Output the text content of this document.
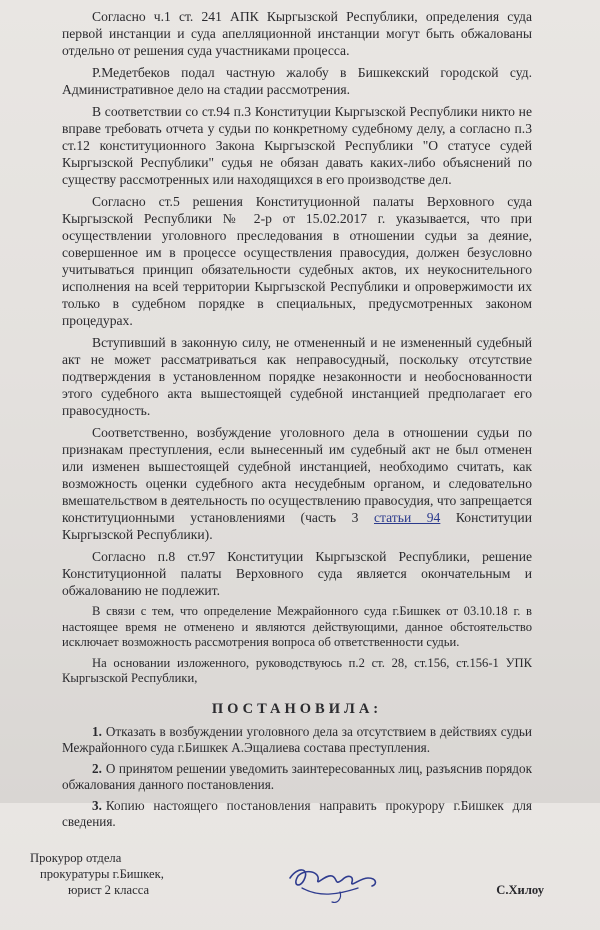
Согласно ч.1 ст. 241 АПК Кыргызской Республики, определения суда первой инстанции и суда апелляционной инстанции могут быть обжалованы отдельно от решения суда участниками процесса.

Р.Медетбеков подал частную жалобу в Бишкекский городской суд. Административное дело на стадии рассмотрения.

В соответствии со ст.94 п.3 Конституции Кыргызской Республики никто не вправе требовать отчета у судьи по конкретному судебному делу, а согласно п.3 ст.12 конституционного Закона Кыргызской Республики "О статусе судей Кыргызской Республики" судья не обязан давать каких-либо объяснений по существу рассмотренных или находящихся в его производстве дел.

Согласно ст.5 решения Конституционной палаты Верховного суда Кыргызской Республики № 2-р от 15.02.2017 г. указывается, что при осуществлении уголовного преследования в отношении судьи за деяние, совершенное им в процессе осуществления правосудия, должен безусловно учитываться принцип обязательности судебных актов, их неукоснительного исполнения на всей территории Кыргызской Республики и опровержимости их только в судебном порядке в специальных, предусмотренных законом процедурах.

Вступивший в законную силу, не отмененный и не измененный судебный акт не может рассматриваться как неправосудный, поскольку отсутствие подтверждения в установленном порядке незаконности и необоснованности этого судебного акта вышестоящей судебной инстанцией предполагает его правосудность.

Соответственно, возбуждение уголовного дела в отношении судьи по признакам преступления, если вынесенный им судебный акт не был отменен или изменен вышестоящей судебной инстанцией, необходимо считать, как возможность оценки судебного акта несудебным органом, и следовательно вмешательством в деятельность по осуществлению правосудия, что запрещается конституционными установлениями (часть 3 статьи 94 Конституции Кыргызской Республики).

Согласно п.8 ст.97 Конституции Кыргызской Республики, решение Конституционной палаты Верховного суда является окончательным и обжалованию не подлежит.

В связи с тем, что определение Межрайонного суда г.Бишкек от 03.10.18 г. в настоящее время не отменено и являются действующими, данное обстоятельство исключает возможность рассмотрения вопроса об ответственности судьи.

На основании изложенного, руководствуюсь п.2 ст. 28, ст.156, ст.156-1 УПК Кыргызской Республики,

ПОСТАНОВИЛА:

1. Отказать в возбуждении уголовного дела за отсутствием в действиях судьи Межрайонного суда г.Бишкек А.Эщалиева состава преступления.

2. О принятом решении уведомить заинтересованных лиц, разъяснив порядок обжалования данного постановления.

3. Копию настоящего постановления направить прокурору г.Бишкек для сведения.

Прокурор отдела
прокуратуры г.Бишкек,
юрист 2 класса	С.Хилоу
